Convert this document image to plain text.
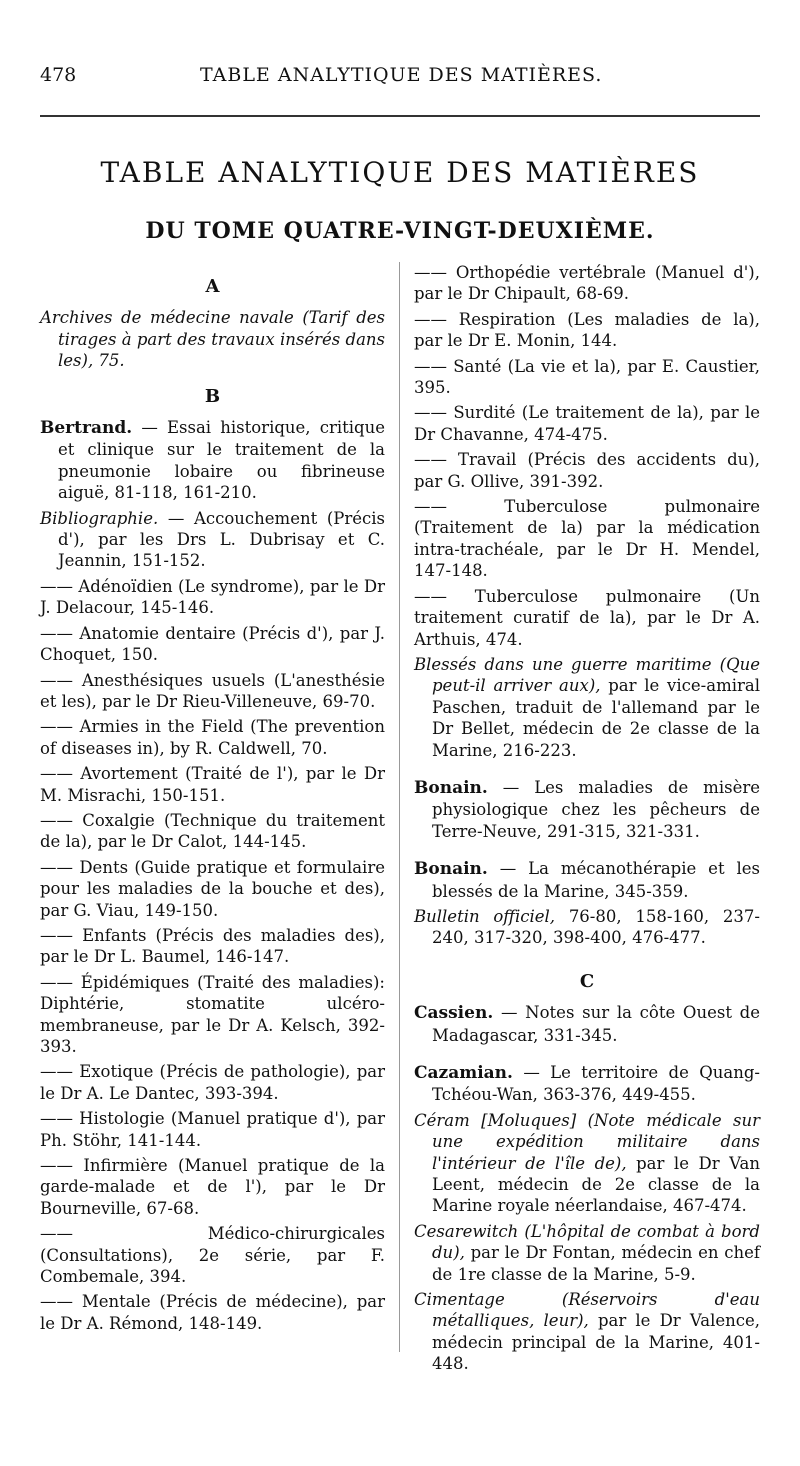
478	TABLE ANALYTIQUE DES MATIÈRES.
TABLE ANALYTIQUE DES MATIÈRES
DU TOME QUATRE-VINGT-DEUXIÈME.
A

Archives de médecine navale (Tarif des tirages à part des travaux insérés dans les), 75.

B

Bertrand. — Essai historique, critique et clinique sur le traitement de la pneumonie lobaire ou fibrineuse aiguë, 81-118, 161-210.

Bibliographie. — Accouchement (Précis d'), par les Drs L. Dubrisay et C. Jeannin, 151-152.

—— Adénoïdien (Le syndrome), par le Dr J. Delacour, 145-146.

—— Anatomie dentaire (Précis d'), par J. Choquet, 150.

—— Anesthésiques usuels (L'anesthésie et les), par le Dr Rieu-Villeneuve, 69-70.

—— Armies in the Field (The prevention of diseases in), by R. Caldwell, 70.

—— Avortement (Traité de l'), par le Dr M. Misrachi, 150-151.

—— Coxalgie (Technique du traitement de la), par le Dr Calot, 144-145.

—— Dents (Guide pratique et formulaire pour les maladies de la bouche et des), par G. Viau, 149-150.

—— Enfants (Précis des maladies des), par le Dr L. Baumel, 146-147.

—— Épidémiques (Traité des maladies): Diphtérie, stomatite ulcéro-membraneuse, par le Dr A. Kelsch, 392-393.

—— Exotique (Précis de pathologie), par le Dr A. Le Dantec, 393-394.

—— Histologie (Manuel pratique d'), par Ph. Stöhr, 141-144.

—— Infirmière (Manuel pratique de la garde-malade et de l'), par le Dr Bourneville, 67-68.

—— Médico-chirurgicales (Consultations), 2e série, par F. Combemale, 394.

—— Mentale (Précis de médecine), par le Dr A. Rémond, 148-149.

—— Orthopédie vertébrale (Manuel d'), par le Dr Chipault, 68-69.

—— Respiration (Les maladies de la), par le Dr E. Monin, 144.

—— Santé (La vie et la), par E. Caustier, 395.

—— Surdité (Le traitement de la), par le Dr Chavanne, 474-475.

—— Travail (Précis des accidents du), par G. Ollive, 391-392.

—— Tuberculose pulmonaire (Traitement de la) par la médication intra-trachéale, par le Dr H. Mendel, 147-148.

—— Tuberculose pulmonaire (Un traitement curatif de la), par le Dr A. Arthuis, 474.

Blessés dans une guerre maritime (Que peut-il arriver aux), par le vice-amiral Paschen, traduit de l'allemand par le Dr Bellet, médecin de 2e classe de la Marine, 216-223.

Bonain. — Les maladies de misère physiologique chez les pêcheurs de Terre-Neuve, 291-315, 321-331.

Bonain. — La mécanothérapie et les blessés de la Marine, 345-359.

Bulletin officiel, 76-80, 158-160, 237-240, 317-320, 398-400, 476-477.

C

Cassien. — Notes sur la côte Ouest de Madagascar, 331-345.

Cazamian. — Le territoire de Quang-Tchéou-Wan, 363-376, 449-455.

Céram [Moluques] (Note médicale sur une expédition militaire dans l'intérieur de l'île de), par le Dr Van Leent, médecin de 2e classe de la Marine royale néerlandaise, 467-474.

Cesarewitch (L'hôpital de combat à bord du), par le Dr Fontan, médecin en chef de 1re classe de la Marine, 5-9.

Cimentage (Réservoirs d'eau métalliques, leur), par le Dr Valence, médecin principal de la Marine, 401-448.
